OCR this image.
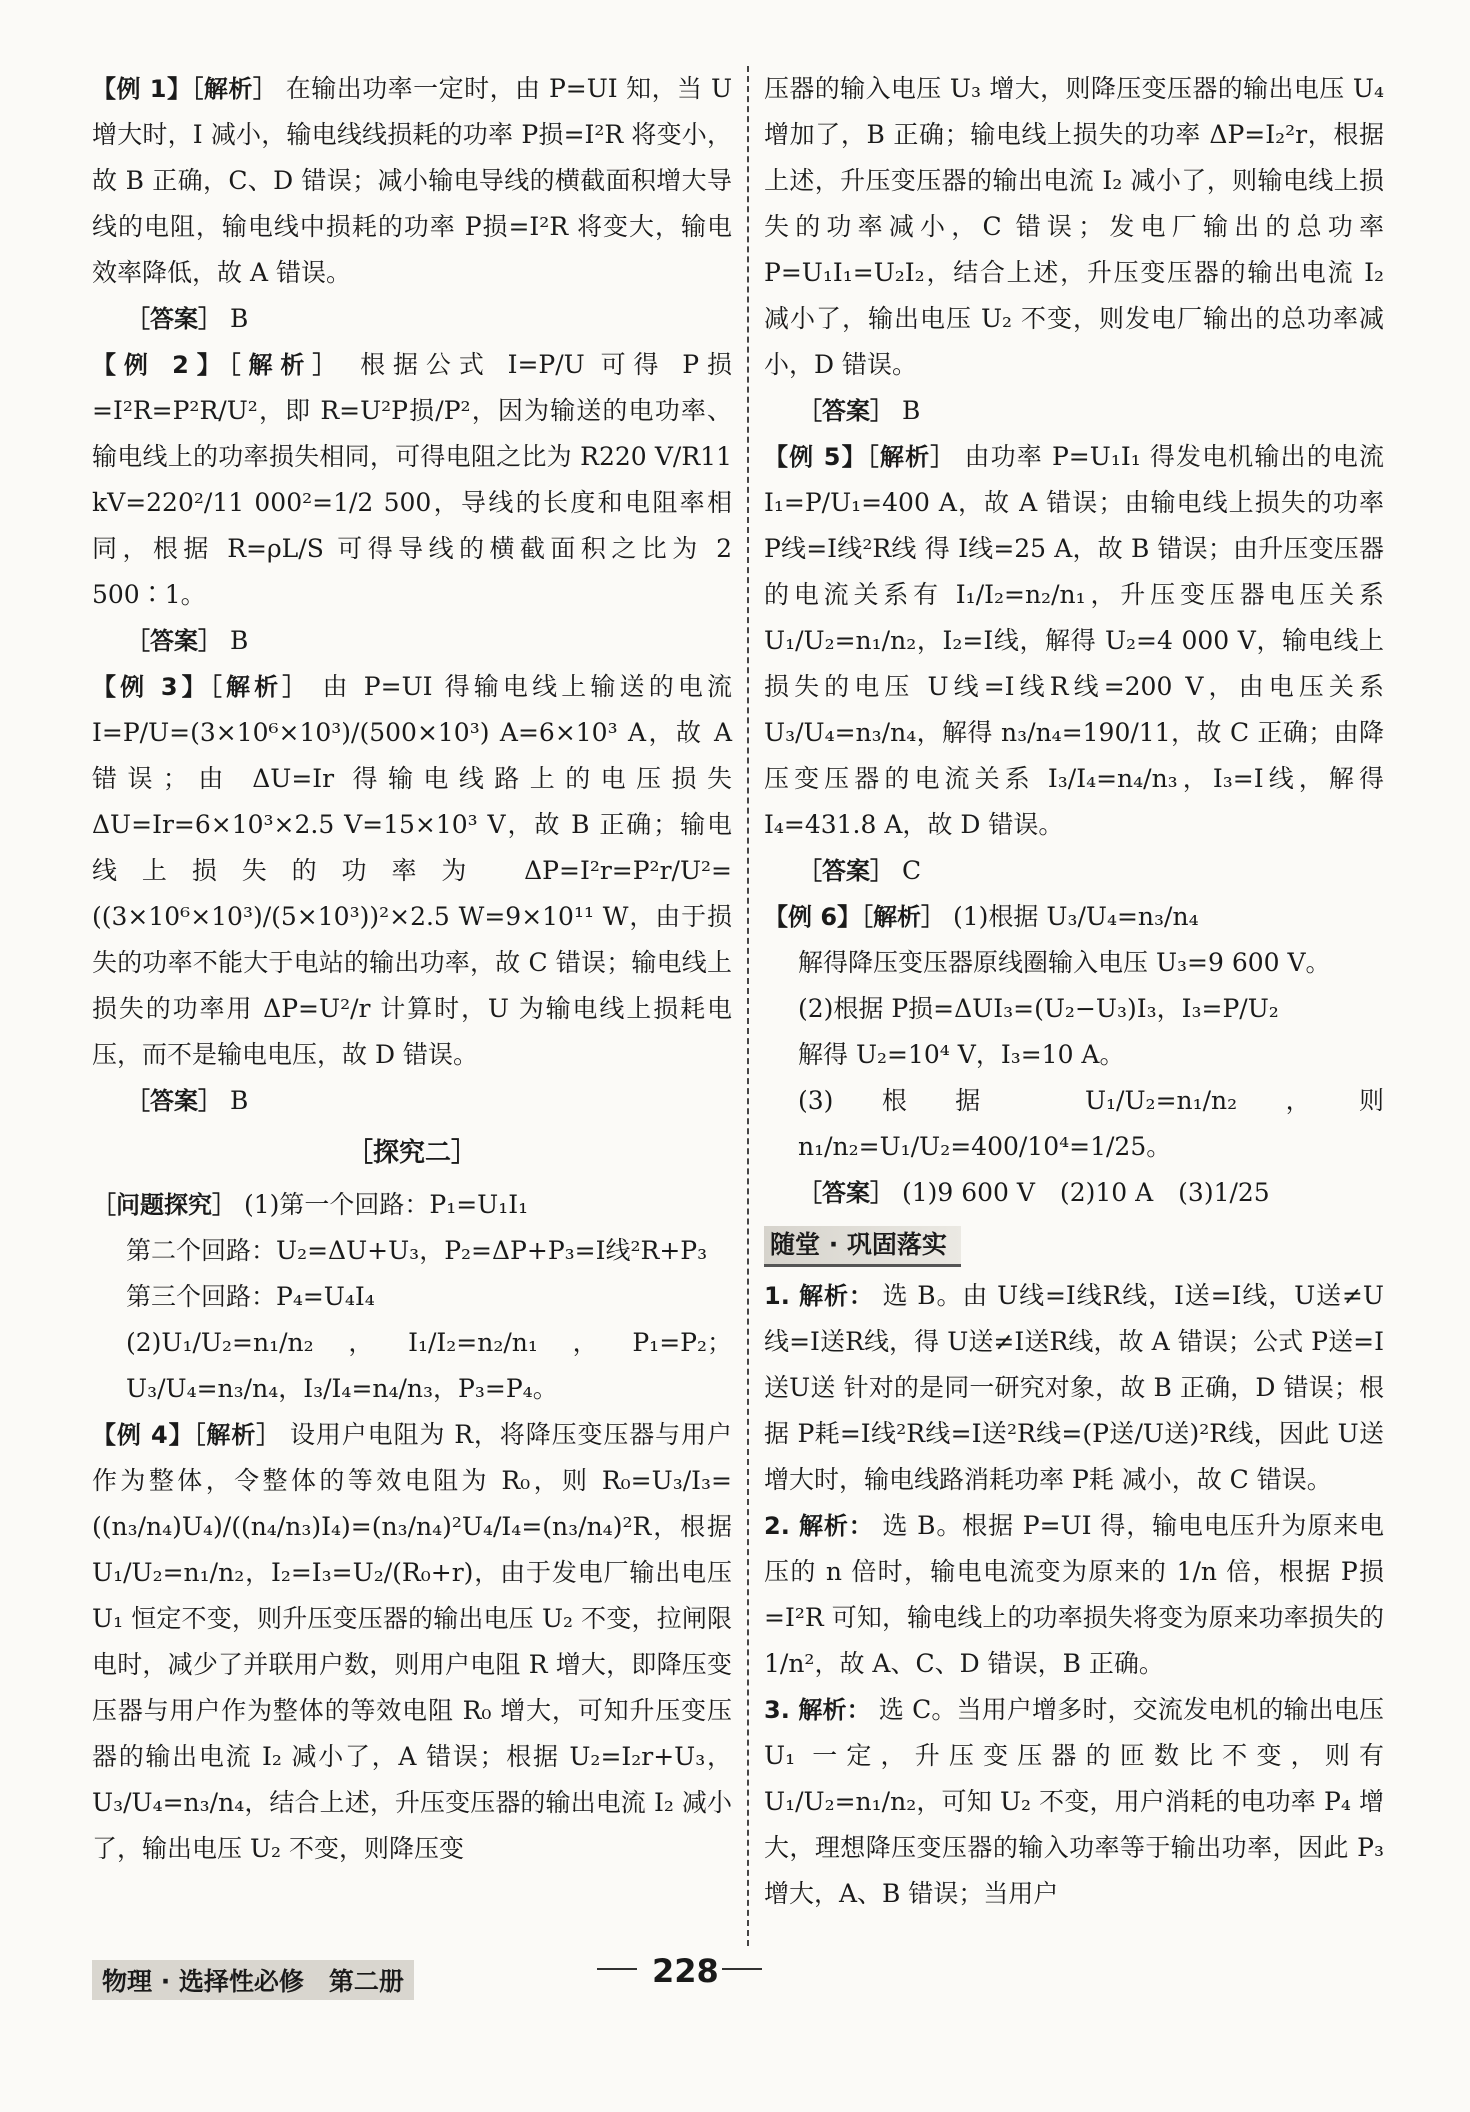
【例 1】［解析］ 在输出功率一定时，由 P=UI 知，当 U 增大时，I 减小，输电线线损耗的功率 P损=I²R 将变小，故 B 正确，C、D 错误；减小输电导线的横截面积增大导线的电阻，输电线中损耗的功率 P损=I²R 将变大，输电效率降低，故 A 错误。

［答案］ B

【例 2】［解析］ 根据公式 I=P/U 可得 P损=I²R=P²R/U²，即 R=U²P损/P²，因为输送的电功率、输电线上的功率损失相同，可得电阻之比为 R220 V/R11 kV=220²/11 000²=1/2 500，导线的长度和电阻率相同，根据 R=ρL/S 可得导线的横截面积之比为 2 500∶1。

［答案］ B

【例 3】［解析］ 由 P=UI 得输电线上输送的电流 I=P/U=(3×10⁶×10³)/(500×10³) A=6×10³ A，故 A 错误；由 ΔU=Ir 得输电线路上的电压损失 ΔU=Ir=6×10³×2.5 V=15×10³ V，故 B 正确；输电线上损失的功率为 ΔP=I²r=P²r/U²=((3×10⁶×10³)/(5×10³))²×2.5 W=9×10¹¹ W，由于损失的功率不能大于电站的输出功率，故 C 错误；输电线上损失的功率用 ΔP=U²/r 计算时，U 为输电线上损耗电压，而不是输电电压，故 D 错误。

［答案］ B

［探究二］

［问题探究］ (1)第一个回路：P₁=U₁I₁

第二个回路：U₂=ΔU+U₃，P₂=ΔP+P₃=I线²R+P₃

第三个回路：P₄=U₄I₄

(2)U₁/U₂=n₁/n₂，I₁/I₂=n₂/n₁，P₁=P₂；U₃/U₄=n₃/n₄，I₃/I₄=n₄/n₃，P₃=P₄。

【例 4】［解析］ 设用户电阻为 R，将降压变压器与用户作为整体，令整体的等效电阻为 R₀，则 R₀=U₃/I₃=((n₃/n₄)U₄)/((n₄/n₃)I₄)=(n₃/n₄)²U₄/I₄=(n₃/n₄)²R，根据 U₁/U₂=n₁/n₂，I₂=I₃=U₂/(R₀+r)，由于发电厂输出电压 U₁ 恒定不变，则升压变压器的输出电压 U₂ 不变，拉闸限电时，减少了并联用户数，则用户电阻 R 增大，即降压变压器与用户作为整体的等效电阻 R₀ 增大，可知升压变压器的输出电流 I₂ 减小了，A 错误；根据 U₂=I₂r+U₃，U₃/U₄=n₃/n₄，结合上述，升压变压器的输出电流 I₂ 减小了，输出电压 U₂ 不变，则降压变

压器的输入电压 U₃ 增大，则降压变压器的输出电压 U₄ 增加了，B 正确；输电线上损失的功率 ΔP=I₂²r，根据上述，升压变压器的输出电流 I₂ 减小了，则输电线上损失的功率减小，C 错误；发电厂输出的总功率 P=U₁I₁=U₂I₂，结合上述，升压变压器的输出电流 I₂ 减小了，输出电压 U₂ 不变，则发电厂输出的总功率减小，D 错误。

［答案］ B

【例 5】［解析］ 由功率 P=U₁I₁ 得发电机输出的电流 I₁=P/U₁=400 A，故 A 错误；由输电线上损失的功率 P线=I线²R线 得 I线=25 A，故 B 错误；由升压变压器的电流关系有 I₁/I₂=n₂/n₁，升压变压器电压关系 U₁/U₂=n₁/n₂，I₂=I线，解得 U₂=4 000 V，输电线上损失的电压 U线=I线R线=200 V，由电压关系 U₃/U₄=n₃/n₄，解得 n₃/n₄=190/11，故 C 正确；由降压变压器的电流关系 I₃/I₄=n₄/n₃，I₃=I线，解得 I₄=431.8 A，故 D 错误。

［答案］ C

【例 6】［解析］ (1)根据 U₃/U₄=n₃/n₄

解得降压变压器原线圈输入电压 U₃=9 600 V。

(2)根据 P损=ΔUI₃=(U₂−U₃)I₃，I₃=P/U₂

解得 U₂=10⁴ V，I₃=10 A。

(3)根据 U₁/U₂=n₁/n₂，则 n₁/n₂=U₁/U₂=400/10⁴=1/25。

［答案］ (1)9 600 V　(2)10 A　(3)1/25

随堂 · 巩固落实

1. 解析： 选 B。由 U线=I线R线，I送=I线，U送≠U线=I送R线，得 U送≠I送R线，故 A 错误；公式 P送=I送U送 针对的是同一研究对象，故 B 正确，D 错误；根据 P耗=I线²R线=I送²R线=(P送/U送)²R线，因此 U送 增大时，输电线路消耗功率 P耗 减小，故 C 错误。

2. 解析： 选 B。根据 P=UI 得，输电电压升为原来电压的 n 倍时，输电电流变为原来的 1/n 倍，根据 P损=I²R 可知，输电线上的功率损失将变为原来功率损失的 1/n²，故 A、C、D 错误，B 正确。

3. 解析： 选 C。当用户增多时，交流发电机的输出电压 U₁ 一定，升压变压器的匝数比不变，则有 U₁/U₂=n₁/n₂，可知 U₂ 不变，用户消耗的电功率 P₄ 增大，理想降压变压器的输入功率等于输出功率，因此 P₃ 增大，A、B 错误；当用户

物理 · 选择性必修　第二册	228
